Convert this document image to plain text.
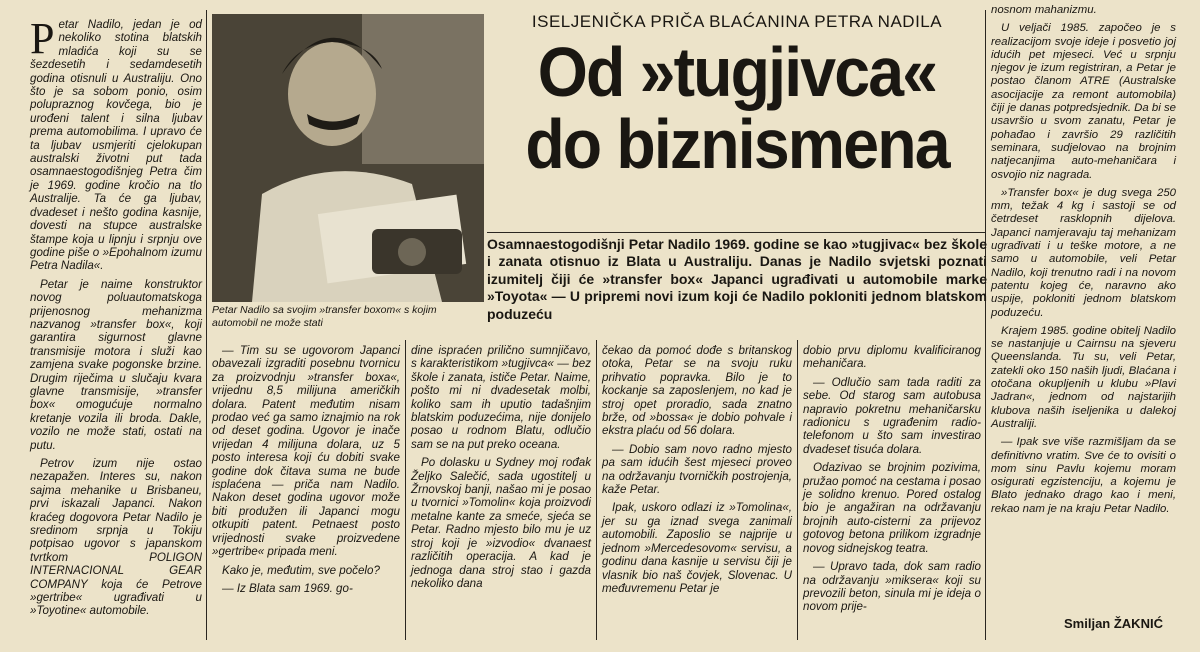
Petar Nadilo, jedan je od nekoliko stotina blatskih mladića koji su se šezdesetih i sedamdesetih godina otisnuli u Australiju. Ono što je sa sobom ponio, osim polupraznog kovčega, bio je urođeni talent i silna ljubav prema automobilima. I upravo će ta ljubav usmjeriti cjelokupan australski životni put tada osamnaestogodišnjeg Petra čim je 1969. godine kročio na tlo Australije. Ta će ga ljubav, dvadeset i nešto godina kasnije, dovesti na stupce australske štampe koja u lipnju i srpnju ove godine piše o »Epohalnom izumu Petra Nadila«.

Petar je naime konstruktor novog poluautomatskoga prijenosnog mehanizma nazvanog »transfer box«, koji garantira sigurnost glavne transmisije motora i služi kao zamjena svake pogonske brzine. Drugim riječima u slučaju kvara glavne transmisije, »transfer box« omogućuje normalno kretanje vozila ili broda. Dakle, vozilo ne može stati, ostati na putu.

Petrov izum nije ostao nezapažen. Interes su, nakon sajma mehanike u Brisbaneu, prvi iskazali Japanci. Nakon kraćeg dogovora Petar Nadilo je sredinom srpnja u Tokiju potpisao ugovor s japanskom tvrtkom POLIGON INTERNACIONAL GEAR COMPANY koja će Petrove »gertribe« ugrađivati u »Toyotine« automobile.

Petar Nadilo sa svojim »transfer boxom« s kojim automobil ne može stati
ISELJENIČKA PRIČA BLAĆANINA PETRA NADILA
Od »tugjivca«
do biznismena
Osamnaestogodišnji Petar Nadilo 1969. godine se kao »tugjivac« bez škole i zanata otisnuo iz Blata u Australiju. Danas je Nadilo svjetski poznati izumitelj čiji će »transfer box« Japanci ugrađivati u automobile marke »Toyota« — U pripremi novi izum koji će Nadilo pokloniti jednom blatskom poduzeću

— Tim su se ugovorom Japanci obavezali izgraditi posebnu tvornicu za proizvodnju »transfer boxa«, vrijednu 8,5 milijuna američkih dolara. Patent međutim nisam prodao već ga samo iznajmio na rok od deset godina. Ugovor je inače vrijedan 4 milijuna dolara, uz 5 posto interesa koji ću dobiti svake godine dok čitava suma ne bude isplaćena — priča nam Nadilo. Nakon deset godina ugovor može biti produžen ili Japanci mogu otkupiti patent. Petnaest posto vrijednosti svake proizvedene »gertribe« pripada meni.

Kako je, međutim, sve počelo?

— Iz Blata sam 1969. go-

dine ispraćen prilično sumnjičavo, s karakteristikom »tugjivca« — bez škole i zanata, ističe Petar. Naime, pošto mi ni dvadesetak molbi, koliko sam ih uputio tadašnjim blatskim poduzećima, nije donijelo posao u rodnom Blatu, odlučio sam se na put preko oceana.

Po dolasku u Sydney moj rođak Željko Salečić, sada ugostitelj u Žrnovskoj banji, našao mi je posao u tvornici »Tomolin« koja proizvodi metalne kante za smeće, sjeća se Petar. Radno mjesto bilo mu je uz stroj koji je »izvodio« dvanaest različitih operacija. A kad je jednoga dana stroj stao i gazda nekoliko dana

čekao da pomoć dođe s britanskog otoka, Petar se na svoju ruku prihvatio popravka. Bilo je to kockanje sa zaposlenjem, no kad je stroj opet proradio, sada znatno brže, od »bossa« je dobio pohvale i ekstra plaću od 56 dolara.

— Dobio sam novo radno mjesto pa sam idućih šest mjeseci proveo na održavanju tvorničkih postrojenja, kaže Petar.

Ipak, uskoro odlazi iz »Tomolina«, jer su ga iznad svega zanimali automobili. Zaposlio se najprije u jednom »Mercedesovom« servisu, a godinu dana kasnije u servisu čiji je vlasnik bio naš čovjek, Slovenac. U međuvremenu Petar je

dobio prvu diplomu kvalificiranog mehaničara.

— Odlučio sam tada raditi za sebe. Od starog sam autobusa napravio pokretnu mehaničarsku radionicu s ugrađenim radio-telefonom u što sam investirao dvadeset tisuća dolara.

Odazivao se brojnim pozivima, pružao pomoć na cestama i posao je solidno krenuo. Pored ostalog bio je angažiran na održavanju brojnih auto-cisterni za prijevoz gotovog betona prilikom izgradnje novog sidnejskog teatra.

— Upravo tada, dok sam radio na održavanju »miksera« koji su prevozili beton, sinula mi je ideja o novom prije-

nosnom mahanizmu.

U veljači 1985. započeo je s realizacijom svoje ideje i posvetio joj idućih pet mjeseci. Već u srpnju njegov je izum registriran, a Petar je postao članom ATRE (Australske asocijacije za remont automobila) čiji je danas potpredsjednik. Da bi se usavršio u svom zanatu, Petar je pohađao i završio 29 različitih seminara, sudjelovao na brojnim natjecanjima auto-mehaničara i osvojio niz nagrada.

»Transfer box« je dug svega 250 mm, težak 4 kg i sastoji se od četrdeset rasklopnih dijelova. Japanci namjeravaju taj mehanizam ugrađivati i u teške motore, a ne samo u automobile, veli Petar Nadilo, koji trenutno radi i na novom patentu kojeg će, naravno ako uspije, pokloniti jednom blatskom poduzeću.

Krajem 1985. godine obitelj Nadilo se nastanjuje u Cairnsu na sjeveru Queenslanda. Tu su, veli Petar, zatekli oko 150 naših ljudi, Blaćana i otočana okupljenih u klubu »Plavi Jadran«, jednom od najstarijih klubova naših iseljenika u dalekoj Australiji.

— Ipak sve više razmišljam da se definitivno vratim. Sve će to ovisiti o mom sinu Pavlu kojemu moram osigurati egzistenciju, a kojemu je Blato jednako drago kao i meni, rekao nam je na kraju Petar Nadilo.

Smiljan ŽAKNIĆ
